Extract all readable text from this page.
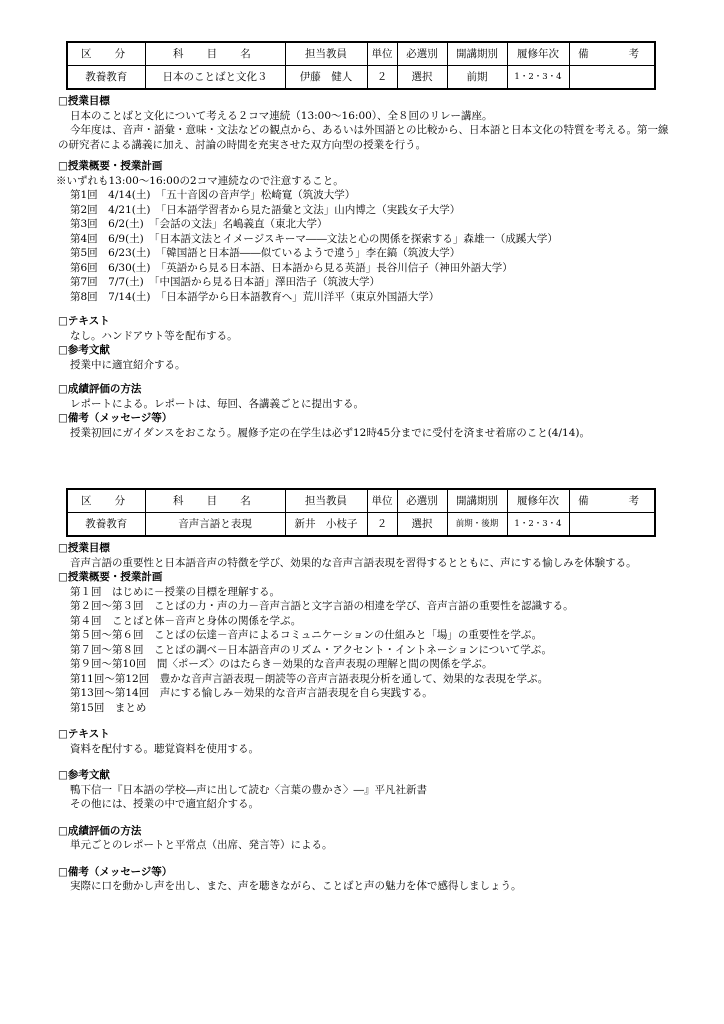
区　分	科　目　名	担当教員	単位	必選別	開講期別	履修年次	備　　考
教養教育	日本のことばと文化３	伊藤　健人	２	選択	前期	1・2・3・4	
□授業目標
日本のことばと文化について考える２コマ連続（13:00〜16:00）、全８回のリレー講座。
今年度は、音声・語彙・意味・文法などの観点から、あるいは外国語との比較から、日本語と日本文化の特質を考える。第一線の研究者による講義に加え、討論の時間を充実させた双方向型の授業を行う。
□授業概要・授業計画
※いずれも13:00〜16:00の2コマ連続なので注意すること。
第1回　4/14(土)　「五十音図の音声学」松崎寛（筑波大学）
第2回　4/21(土)　「日本語学習者から見た語彙と文法」山内博之（実践女子大学）
第3回　6/2(土)　「会話の文法」名嶋義直（東北大学）
第4回　6/9(土)　「日本語文法とイメージスキーマ――文法と心の関係を探索する」森雄一（成蹊大学）
第5回　6/23(土)　「韓国語と日本語――似ているようで違う」李在鎬（筑波大学）
第6回　6/30(土)　「英語から見る日本語、日本語から見る英語」長谷川信子（神田外語大学）
第7回　7/7(土)　「中国語から見る日本語」澤田浩子（筑波大学）
第8回　7/14(土)　「日本語学から日本語教育へ」荒川洋平（東京外国語大学）
□テキスト
なし。ハンドアウト等を配布する。
□参考文献
授業中に適宜紹介する。
□成績評価の方法
レポートによる。レポートは、毎回、各講義ごとに提出する。
□備考（メッセージ等）
授業初回にガイダンスをおこなう。履修予定の在学生は必ず12時45分までに受付を済ませ着席のこと(4/14)。
区　分	科　目　名	担当教員	単位	必選別	開講期別	履修年次	備　　考
教養教育	音声言語と表現	新井　小枝子	２	選択	前期・後期	1・2・3・4	
□授業目標
音声言語の重要性と日本語音声の特徴を学び、効果的な音声言語表現を習得するとともに、声にする愉しみを体験する。
□授業概要・授業計画
第１回　はじめに－授業の目標を理解する。
第２回～第３回　ことばの力・声の力－音声言語と文字言語の相違を学び、音声言語の重要性を認識する。
第４回　ことばと体－音声と身体の関係を学ぶ。
第５回～第６回　ことばの伝達－音声によるコミュニケーションの仕組みと「場」の重要性を学ぶ。
第７回～第８回　ことばの調べ－日本語音声のリズム・アクセント・イントネーションについて学ぶ。
第９回～第10回　間〈ポーズ〉のはたらき－効果的な音声表現の理解と間の関係を学ぶ。
第11回～第12回　豊かな音声言語表現－朗読等の音声言語表現分析を通して、効果的な表現を学ぶ。
第13回～第14回　声にする愉しみ－効果的な音声言語表現を自ら実践する。
第15回　まとめ
□テキスト
資料を配付する。聴覚資料を使用する。
□参考文献
鴨下信一『日本語の学校―声に出して読む〈言葉の豊かさ〉―』平凡社新書
その他には、授業の中で適宜紹介する。
□成績評価の方法
単元ごとのレポートと平常点（出席、発言等）による。
□備考（メッセージ等）
実際に口を動かし声を出し、また、声を聴きながら、ことばと声の魅力を体で感得しましょう。
